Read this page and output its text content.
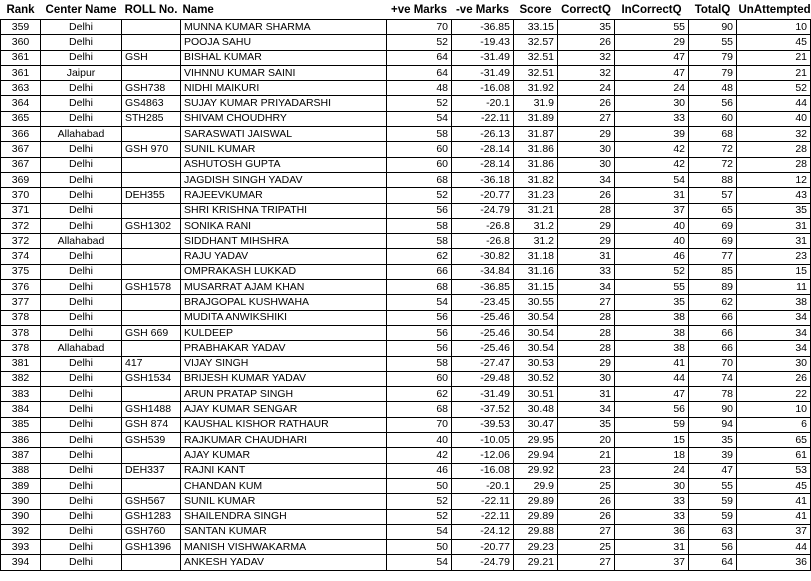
Rank	Center Name	ROLL No.	Name	+ve Marks	-ve Marks	Score	CorrectQ	InCorrectQ	TotalQ	UnAttempted
359	Delhi		MUNNA KUMAR SHARMA	70	-36.85	33.15	35	55	90	10
360	Delhi		POOJA SAHU	52	-19.43	32.57	26	29	55	45
361	Delhi	GSH	BISHAL KUMAR	64	-31.49	32.51	32	47	79	21
361	Jaipur		VIHNNU KUMAR SAINI	64	-31.49	32.51	32	47	79	21
363	Delhi	GSH738	NIDHI MAIKURI	48	-16.08	31.92	24	24	48	52
364	Delhi	GS4863	SUJAY KUMAR PRIYADARSHI	52	-20.1	31.9	26	30	56	44
365	Delhi	STH285	SHIVAM CHOUDHRY	54	-22.11	31.89	27	33	60	40
366	Allahabad		SARASWATI JAISWAL	58	-26.13	31.87	29	39	68	32
367	Delhi	GSH 970	SUNIL KUMAR	60	-28.14	31.86	30	42	72	28
367	Delhi		ASHUTOSH GUPTA	60	-28.14	31.86	30	42	72	28
369	Delhi		JAGDISH SINGH YADAV	68	-36.18	31.82	34	54	88	12
370	Delhi	DEH355	RAJEEVKUMAR	52	-20.77	31.23	26	31	57	43
371	Delhi		SHRI KRISHNA TRIPATHI	56	-24.79	31.21	28	37	65	35
372	Delhi	GSH1302	SONIKA RANI	58	-26.8	31.2	29	40	69	31
372	Allahabad		SIDDHANT MIHSHRA	58	-26.8	31.2	29	40	69	31
374	Delhi		RAJU YADAV	62	-30.82	31.18	31	46	77	23
375	Delhi		OMPRAKASH LUKKAD	66	-34.84	31.16	33	52	85	15
376	Delhi	GSH1578	MUSARRAT AJAM KHAN	68	-36.85	31.15	34	55	89	11
377	Delhi		BRAJGOPAL KUSHWAHA	54	-23.45	30.55	27	35	62	38
378	Delhi		MUDITA ANWIKSHIKI	56	-25.46	30.54	28	38	66	34
378	Delhi	GSH 669	KULDEEP	56	-25.46	30.54	28	38	66	34
378	Allahabad		PRABHAKAR YADAV	56	-25.46	30.54	28	38	66	34
381	Delhi	417	VIJAY SINGH	58	-27.47	30.53	29	41	70	30
382	Delhi	GSH1534	BRIJESH KUMAR YADAV	60	-29.48	30.52	30	44	74	26
383	Delhi		ARUN PRATAP SINGH	62	-31.49	30.51	31	47	78	22
384	Delhi	GSH1488	AJAY KUMAR SENGAR	68	-37.52	30.48	34	56	90	10
385	Delhi	GSH 874	KAUSHAL KISHOR RATHAUR	70	-39.53	30.47	35	59	94	6
386	Delhi	GSH539	RAJKUMAR CHAUDHARI	40	-10.05	29.95	20	15	35	65
387	Delhi		AJAY KUMAR	42	-12.06	29.94	21	18	39	61
388	Delhi	DEH337	RAJNI KANT	46	-16.08	29.92	23	24	47	53
389	Delhi		CHANDAN KUM	50	-20.1	29.9	25	30	55	45
390	Delhi	GSH567	SUNIL KUMAR	52	-22.11	29.89	26	33	59	41
390	Delhi	GSH1283	SHAILENDRA SINGH	52	-22.11	29.89	26	33	59	41
392	Delhi	GSH760	SANTAN KUMAR	54	-24.12	29.88	27	36	63	37
393	Delhi	GSH1396	MANISH VISHWAKARMA	50	-20.77	29.23	25	31	56	44
394	Delhi		ANKESH YADAV	54	-24.79	29.21	27	37	64	36
